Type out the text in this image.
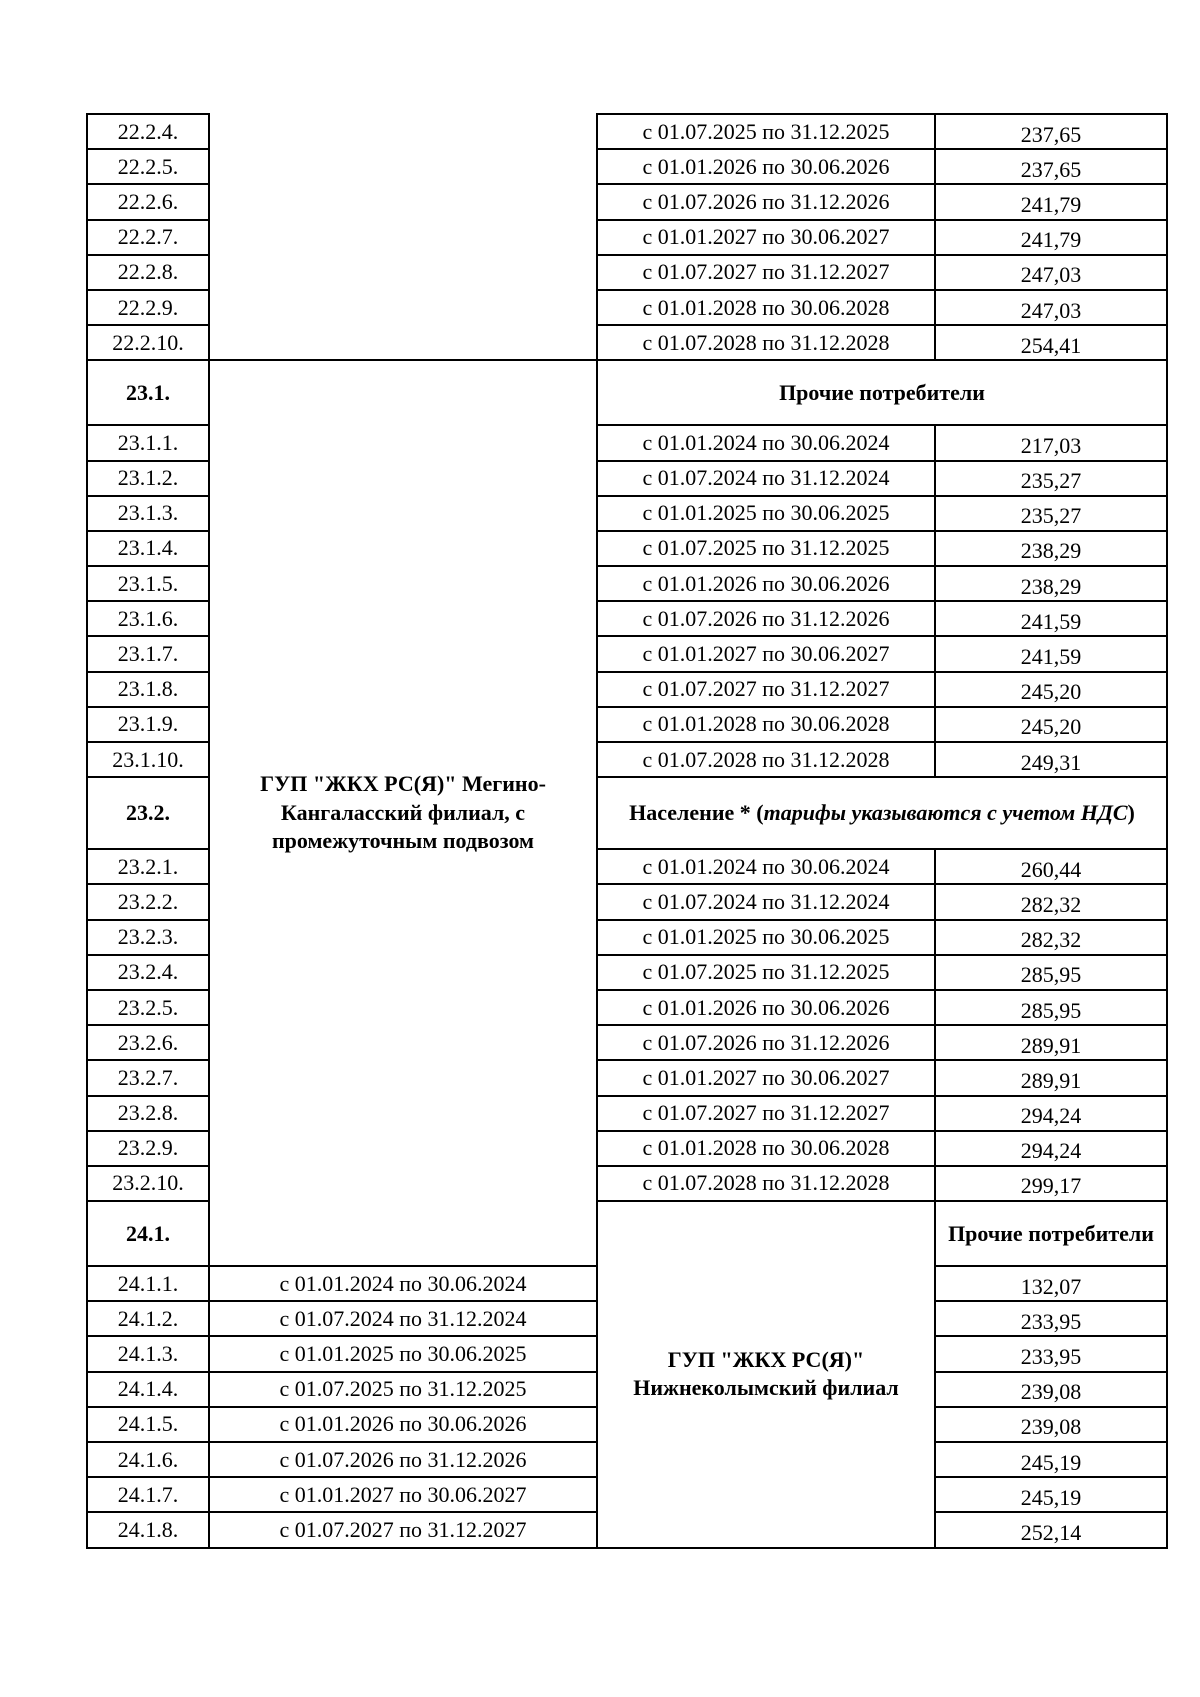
22.2.4.		с 01.07.2025 по 31.12.2025	237,65
22.2.5.		с 01.01.2026 по 30.06.2026	237,65
22.2.6.		с 01.07.2026 по 31.12.2026	241,79
22.2.7.		с 01.01.2027 по 30.06.2027	241,79
22.2.8.		с 01.07.2027 по 31.12.2027	247,03
22.2.9.		с 01.01.2028 по 30.06.2028	247,03
22.2.10.		с 01.07.2028 по 31.12.2028	254,41
23.1.	ГУП "ЖКХ РС(Я)" Мегино-Кангаласский филиал, с промежуточным подвозом	Прочие потребители	
23.1.1.		с 01.01.2024 по 30.06.2024	217,03
23.1.2.		с 01.07.2024 по 31.12.2024	235,27
23.1.3.		с 01.01.2025 по 30.06.2025	235,27
23.1.4.		с 01.07.2025 по 31.12.2025	238,29
23.1.5.		с 01.01.2026 по 30.06.2026	238,29
23.1.6.		с 01.07.2026 по 31.12.2026	241,59
23.1.7.		с 01.01.2027 по 30.06.2027	241,59
23.1.8.		с 01.07.2027 по 31.12.2027	245,20
23.1.9.		с 01.01.2028 по 30.06.2028	245,20
23.1.10.		с 01.07.2028 по 31.12.2028	249,31
23.2.		Население * (тарифы указываются с учетом НДС)	
23.2.1.		с 01.01.2024 по 30.06.2024	260,44
23.2.2.		с 01.07.2024 по 31.12.2024	282,32
23.2.3.		с 01.01.2025 по 30.06.2025	282,32
23.2.4.		с 01.07.2025 по 31.12.2025	285,95
23.2.5.		с 01.01.2026 по 30.06.2026	285,95
23.2.6.		с 01.07.2026 по 31.12.2026	289,91
23.2.7.		с 01.01.2027 по 30.06.2027	289,91
23.2.8.		с 01.07.2027 по 31.12.2027	294,24
23.2.9.		с 01.01.2028 по 30.06.2028	294,24
23.2.10.		с 01.07.2028 по 31.12.2028	299,17
24.1.		ГУП "ЖКХ РС(Я)" Нижнеколымский филиал	Прочие потребители
24.1.1.	с 01.01.2024 по 30.06.2024		132,07
24.1.2.	с 01.07.2024 по 31.12.2024		233,95
24.1.3.	с 01.01.2025 по 30.06.2025		233,95
24.1.4.	с 01.07.2025 по 31.12.2025		239,08
24.1.5.	с 01.01.2026 по 30.06.2026		239,08
24.1.6.	с 01.07.2026 по 31.12.2026		245,19
24.1.7.	с 01.01.2027 по 30.06.2027		245,19
24.1.8.	с 01.07.2027 по 31.12.2027		252,14
